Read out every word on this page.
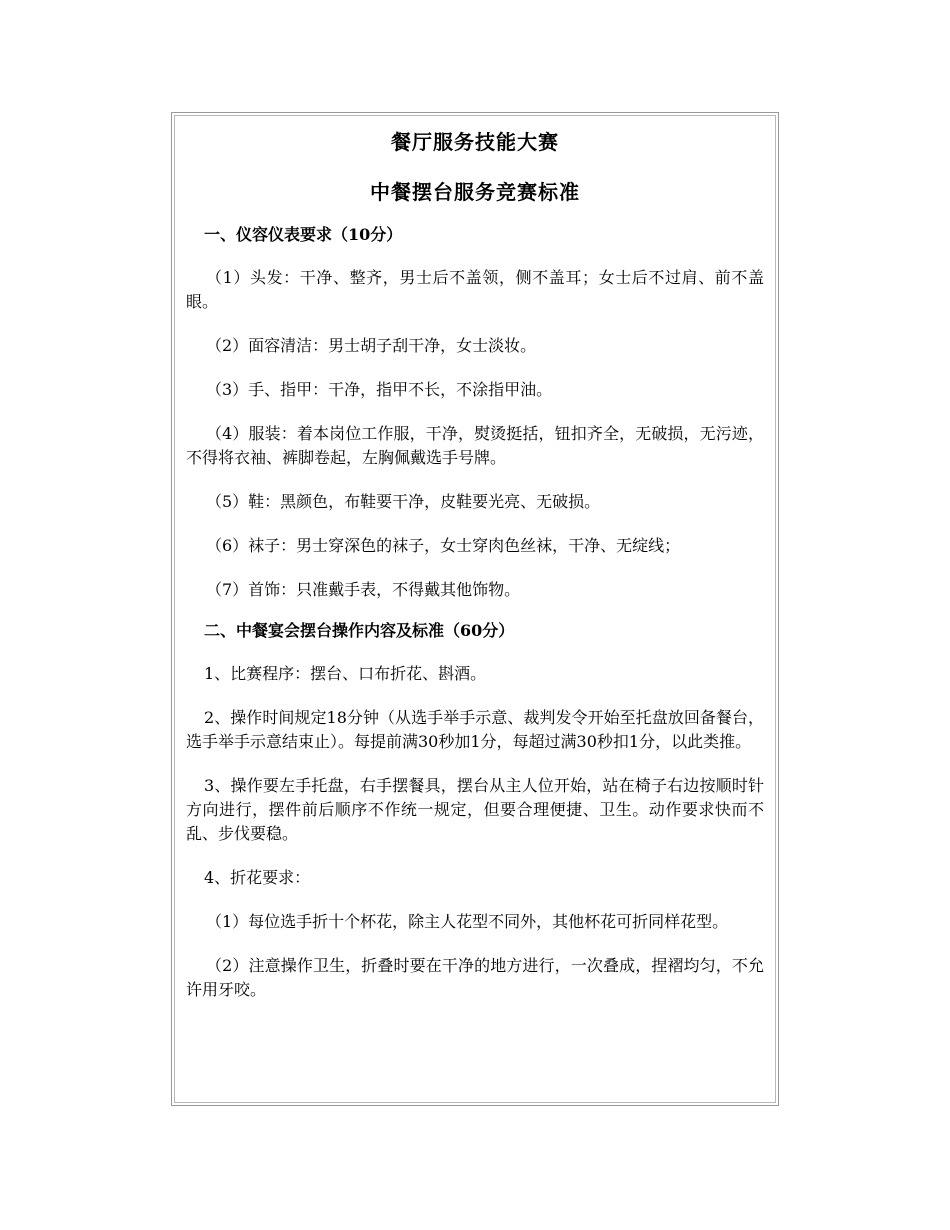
餐厅服务技能大赛
中餐摆台服务竞赛标准
一、仪容仪表要求（10分）

（1）头发：干净、整齐，男士后不盖领，侧不盖耳；女士后不过肩、前不盖眼。

（2）面容清洁：男士胡子刮干净，女士淡妆。

（3）手、指甲：干净，指甲不长，不涂指甲油。

（4）服装：着本岗位工作服，干净，熨烫挺括，钮扣齐全，无破损，无污迹，不得将衣袖、裤脚卷起，左胸佩戴选手号牌。

（5）鞋：黑颜色，布鞋要干净，皮鞋要光亮、无破损。

（6）袜子：男士穿深色的袜子，女士穿肉色丝袜，干净、无绽线；

（7）首饰：只准戴手表，不得戴其他饰物。

二、中餐宴会摆台操作内容及标准（60分）

1、比赛程序：摆台、口布折花、斟酒。

2、操作时间规定18分钟（从选手举手示意、裁判发令开始至托盘放回备餐台，选手举手示意结束止）。每提前满30秒加1分，每超过满30秒扣1分，以此类推。

3、操作要左手托盘，右手摆餐具，摆台从主人位开始，站在椅子右边按顺时针方向进行，摆件前后顺序不作统一规定，但要合理便捷、卫生。动作要求快而不乱、步伐要稳。

4、折花要求：

（1）每位选手折十个杯花，除主人花型不同外，其他杯花可折同样花型。

（2）注意操作卫生，折叠时要在干净的地方进行，一次叠成，捏褶均匀，不允许用牙咬。
